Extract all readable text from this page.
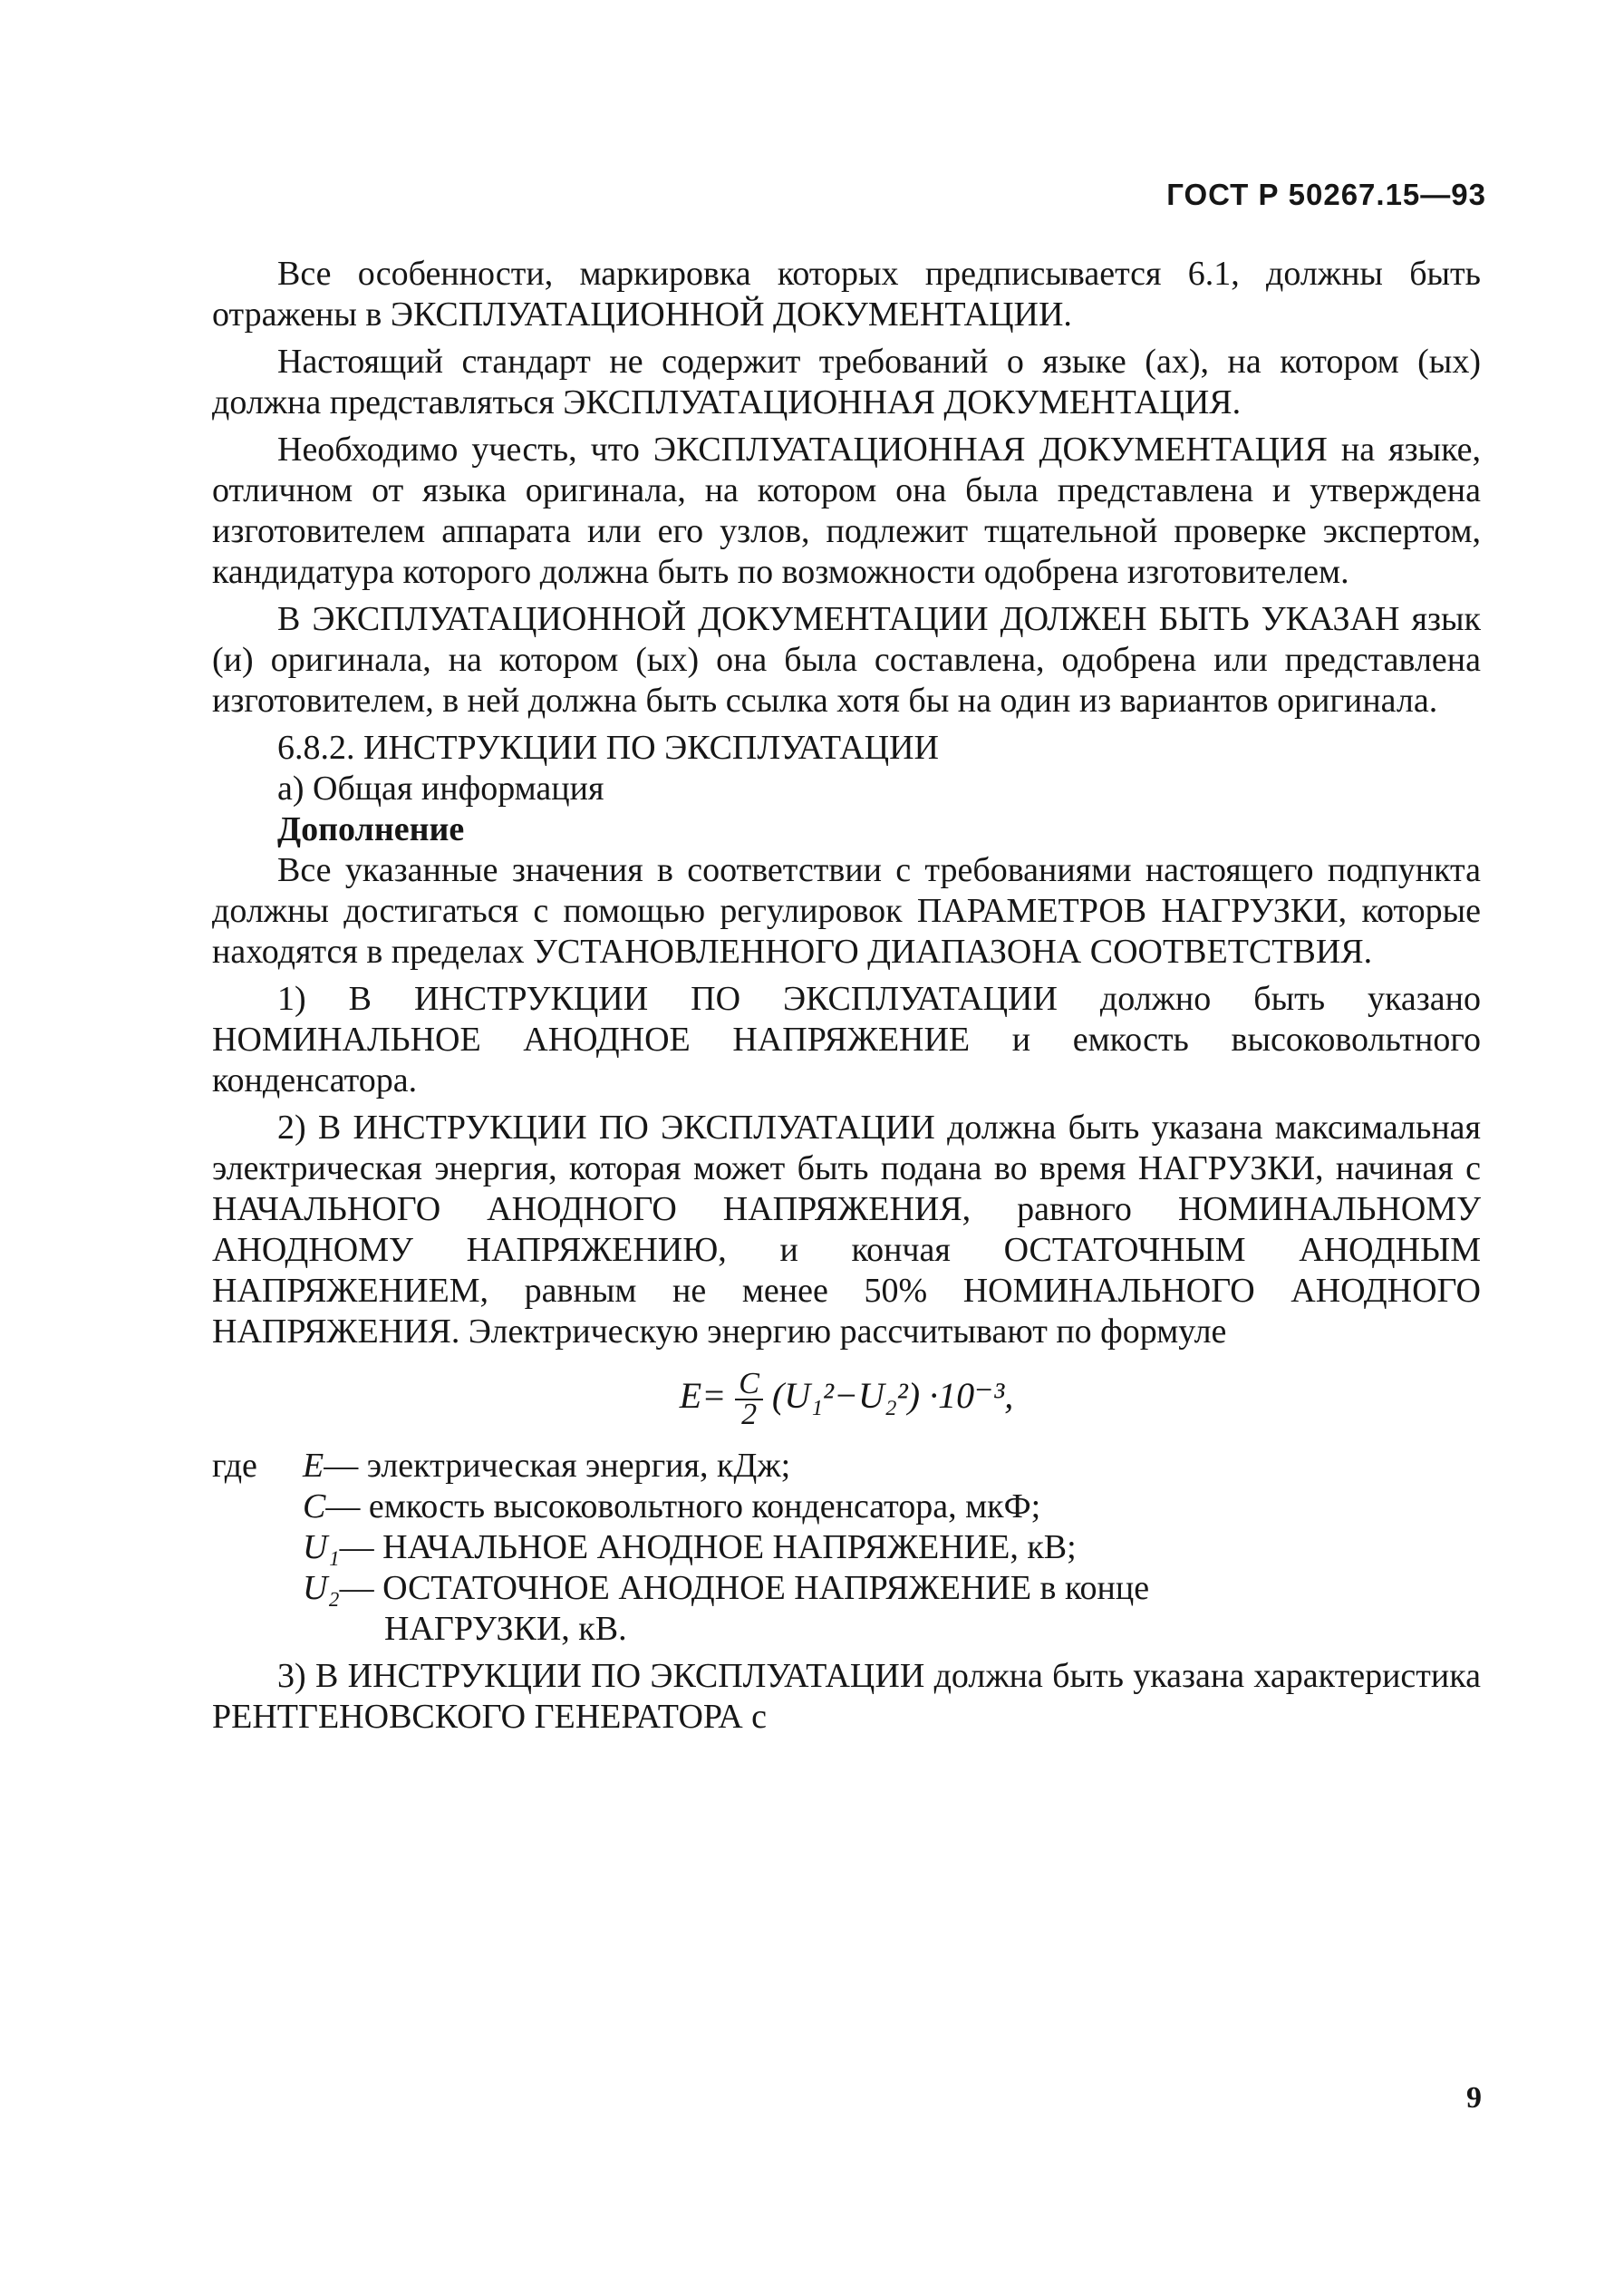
ГОСТ Р 50267.15—93

Все особенности, маркировка которых предписывается 6.1, должны быть отражены в ЭКСПЛУАТАЦИОННОЙ ДОКУМЕНТАЦИИ.

Настоящий стандарт не содержит требований о языке (ах), на котором (ых) должна представляться ЭКСПЛУАТАЦИОННАЯ ДОКУМЕНТАЦИЯ.

Необходимо учесть, что ЭКСПЛУАТАЦИОННАЯ ДОКУМЕНТАЦИЯ на языке, отличном от языка оригинала, на котором она была представлена и утверждена изготовителем аппарата или его узлов, подлежит тщательной проверке экспертом, кандидатура которого должна быть по возможности одобрена изготовителем.

В ЭКСПЛУАТАЦИОННОЙ ДОКУМЕНТАЦИИ ДОЛЖЕН БЫТЬ УКАЗАН язык (и) оригинала, на котором (ых) она была составлена, одобрена или представлена изготовителем, в ней должна быть ссылка хотя бы на один из вариантов оригинала.

6.8.2. ИНСТРУКЦИИ ПО ЭКСПЛУАТАЦИИ

а) Общая информация

Дополнение

Все указанные значения в соответствии с требованиями настоящего подпункта должны достигаться с помощью регулировок ПАРАМЕТРОВ НАГРУЗКИ, которые находятся в пределах УСТАНОВЛЕННОГО ДИАПАЗОНА СООТВЕТСТВИЯ.

1) В ИНСТРУКЦИИ ПО ЭКСПЛУАТАЦИИ должно быть указано НОМИНАЛЬНОЕ АНОДНОЕ НАПРЯЖЕНИЕ и емкость высоковольтного конденсатора.

2) В ИНСТРУКЦИИ ПО ЭКСПЛУАТАЦИИ должна быть указана максимальная электрическая энергия, которая может быть подана во время НАГРУЗКИ, начиная с НАЧАЛЬНОГО АНОДНОГО НАПРЯЖЕНИЯ, равного НОМИНАЛЬНОМУ АНОДНОМУ НАПРЯЖЕНИЮ, и кончая ОСТАТОЧНЫМ АНОДНЫМ НАПРЯЖЕНИЕМ, равным не менее 50% НОМИНАЛЬНОГО АНОДНОГО НАПРЯЖЕНИЯ. Электрическую энергию рассчитывают по формуле

$E= \frac{C}{2} (U_1^2-U_2^2) \cdot 10^{-3}$,
где	E — электрическая энергия, кДж;
C — емкость высоковольтного конденсатора, мкФ;
U₁ — НАЧАЛЬНОЕ АНОДНОЕ НАПРЯЖЕНИЕ, кВ;
U₂ — ОСТАТОЧНОЕ АНОДНОЕ НАПРЯЖЕНИЕ в конце
НАГРУЗКИ, кВ.

3) В ИНСТРУКЦИИ ПО ЭКСПЛУАТАЦИИ должна быть указана характеристика РЕНТГЕНОВСКОГО ГЕНЕРАТОРА с

9
